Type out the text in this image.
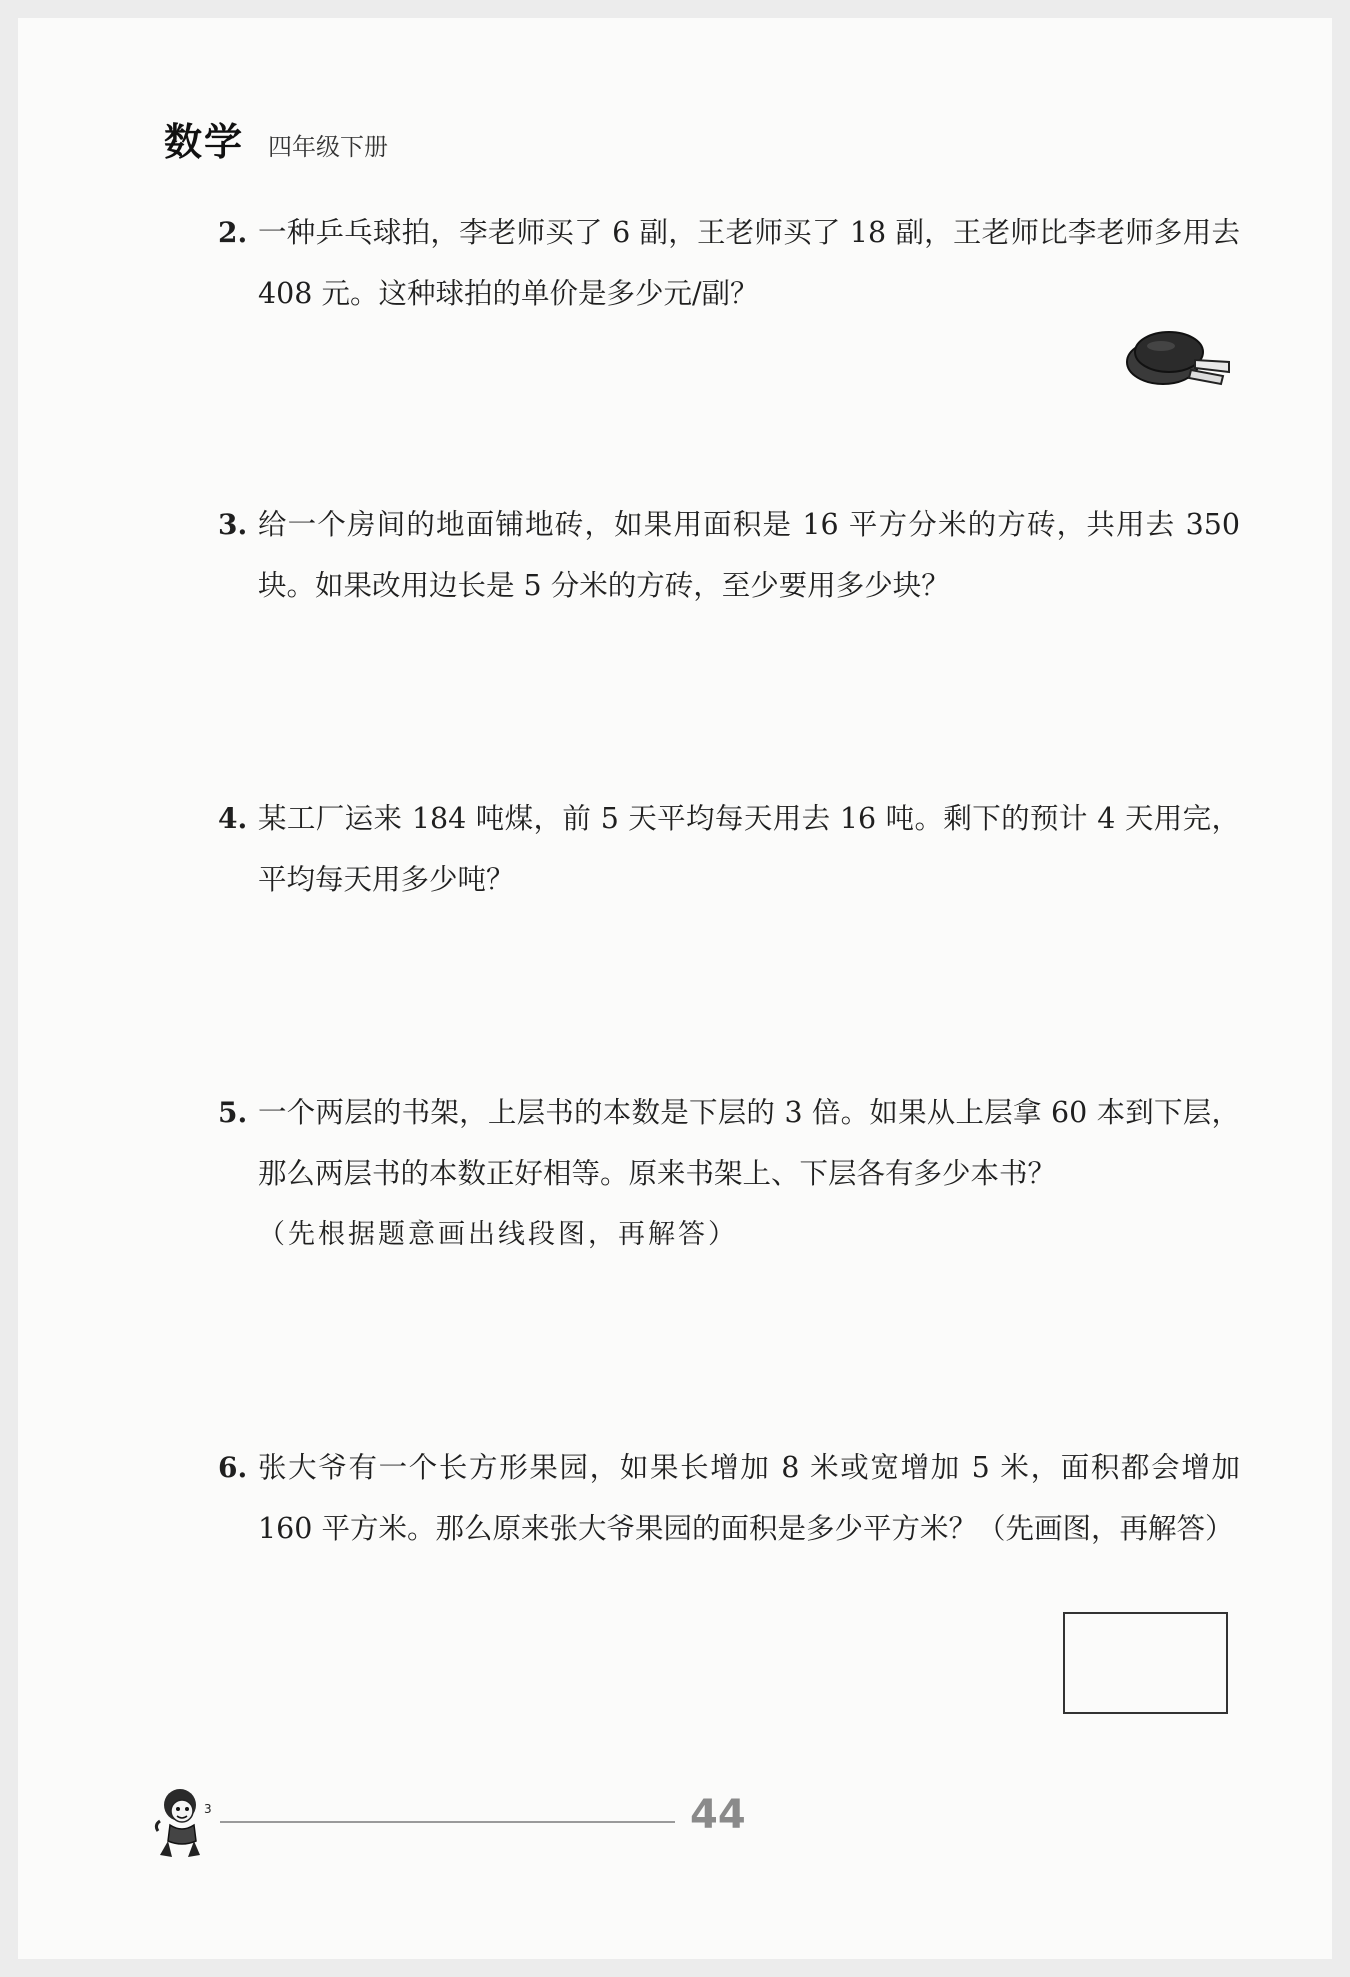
数学	四年级下册
2. 一种乒乓球拍，李老师买了 6 副，王老师买了 18 副，王老师比李老师多用去 408 元。这种球拍的单价是多少元/副？
3. 给一个房间的地面铺地砖，如果用面积是 16 平方分米的方砖，共用去 350 块。如果改用边长是 5 分米的方砖，至少要用多少块？
4. 某工厂运来 184 吨煤，前 5 天平均每天用去 16 吨。剩下的预计 4 天用完，平均每天用多少吨？
5. 一个两层的书架，上层书的本数是下层的 3 倍。如果从上层拿 60 本到下层，那么两层书的本数正好相等。原来书架上、下层各有多少本书？
（先根据题意画出线段图，再解答）
6. 张大爷有一个长方形果园，如果长增加 8 米或宽增加 5 米，面积都会增加 160 平方米。那么原来张大爷果园的面积是多少平方米？（先画图，再解答）
3	44
